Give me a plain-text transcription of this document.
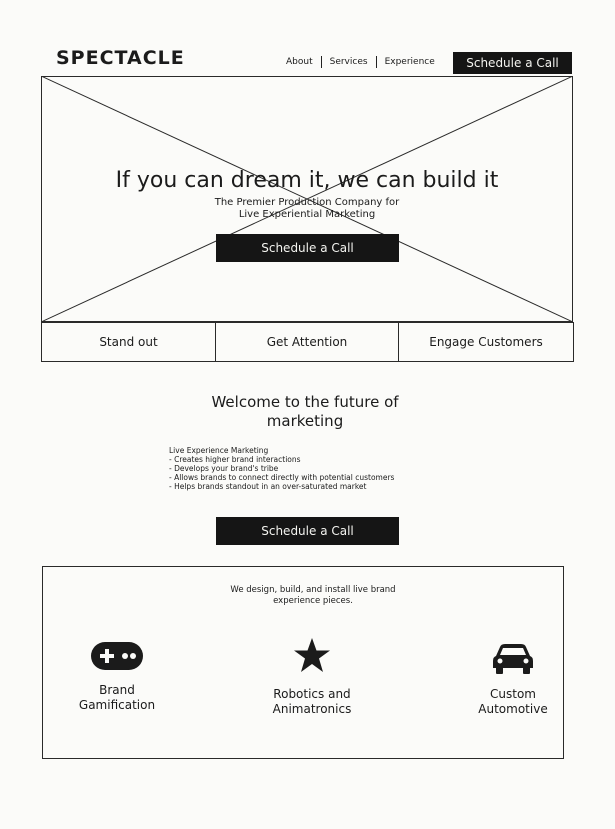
SPECTACLE	About Services Experience	Schedule a Call
If you can dream it, we can build it
The Premier Production Company for
Live Experiential Marketing
Schedule a Call
Stand out	Get Attention	Engage Customers
Welcome to the future of
marketing
Live Experience Marketing
- Creates higher brand interactions
- Develops your brand's tribe
- Allows brands to connect directly with potential customers
- Helps brands standout in an over-saturated market
Schedule a Call
We design, build, and install live brand
experience pieces.
Brand
Gamification
Robotics and
Animatronics
Custom
Automotive
